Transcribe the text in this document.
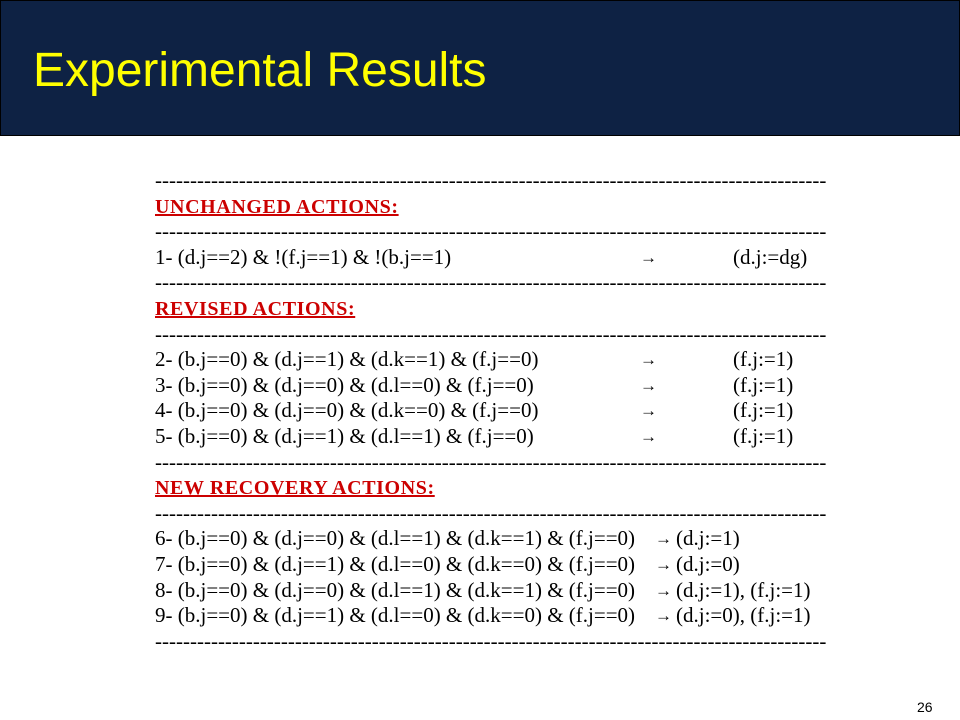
Experimental Results
------------------------------------------------------------------------------------------------
UNCHANGED ACTIONS:
------------------------------------------------------------------------------------------------
1- (d.j==2) & !(f.j==1) & !(b.j==1)	→	(d.j:=dg)
------------------------------------------------------------------------------------------------
REVISED ACTIONS:
------------------------------------------------------------------------------------------------
2- (b.j==0) & (d.j==1) & (d.k==1) & (f.j==0)	→	(f.j:=1)
3- (b.j==0) & (d.j==0) & (d.l==0) & (f.j==0)	→	(f.j:=1)
4- (b.j==0) & (d.j==0) & (d.k==0) & (f.j==0)	→	(f.j:=1)
5- (b.j==0) & (d.j==1) & (d.l==1) & (f.j==0)	→	(f.j:=1)
------------------------------------------------------------------------------------------------
NEW RECOVERY ACTIONS:
------------------------------------------------------------------------------------------------
6- (b.j==0) & (d.j==0) & (d.l==1) & (d.k==1) & (f.j==0) → (d.j:=1)
7- (b.j==0) & (d.j==1) & (d.l==0) & (d.k==0) & (f.j==0) → (d.j:=0)
8- (b.j==0) & (d.j==0) & (d.l==1) & (d.k==1) & (f.j==0) → (d.j:=1), (f.j:=1)
9- (b.j==0) & (d.j==1) & (d.l==0) & (d.k==0) & (f.j==0) → (d.j:=0), (f.j:=1)
------------------------------------------------------------------------------------------------
26
